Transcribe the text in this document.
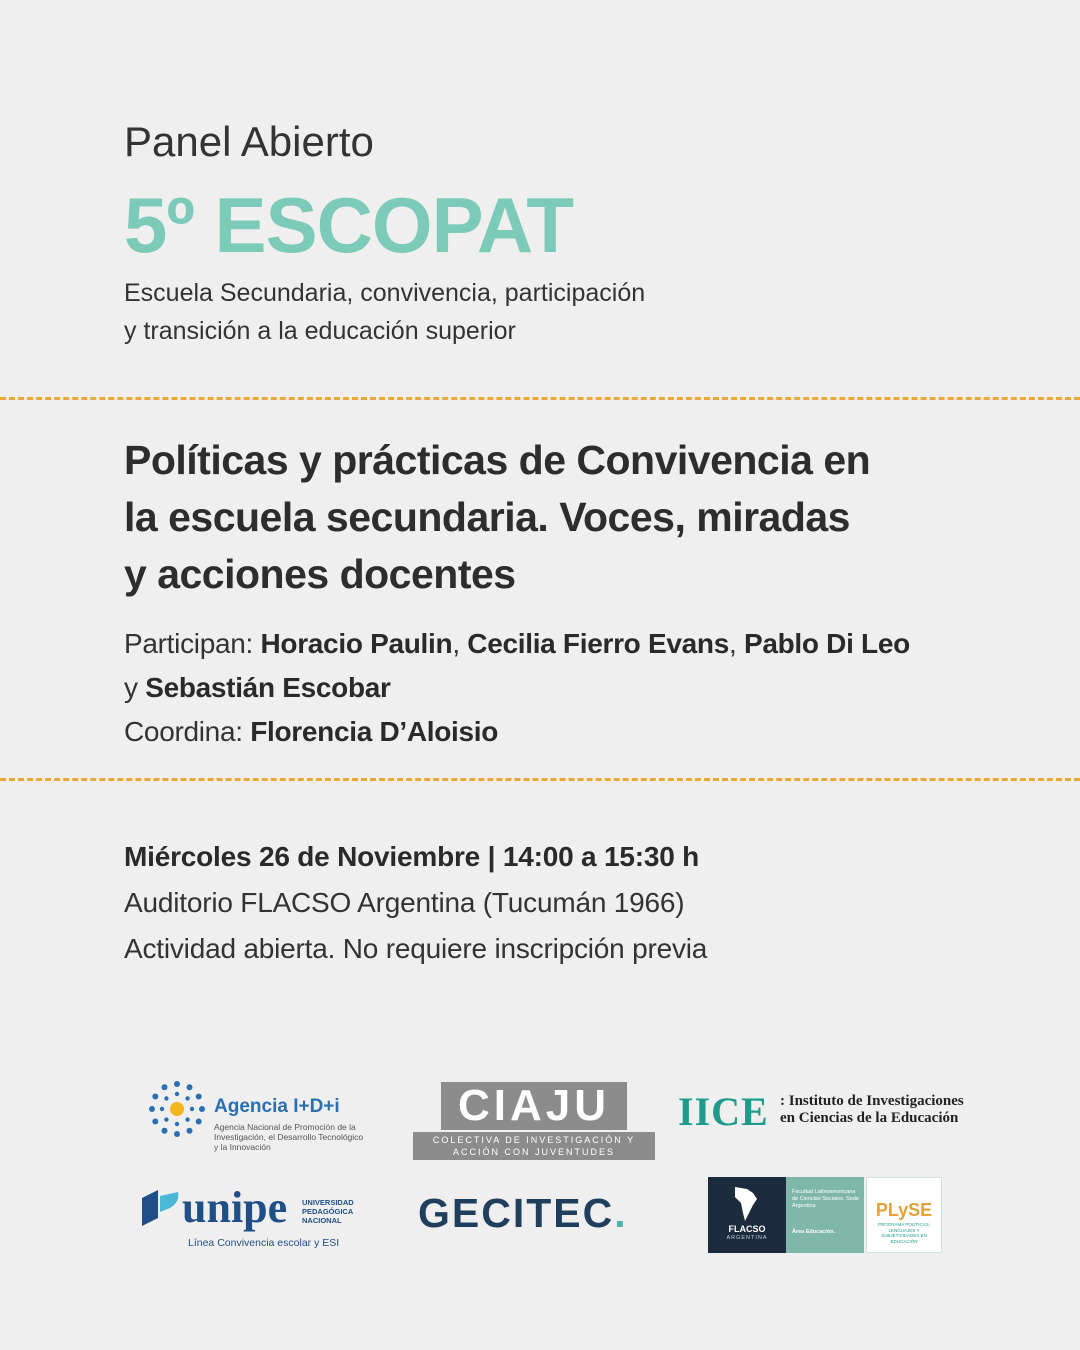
Panel Abierto
5º ESCOPAT
Escuela Secundaria, convivencia, participación
y transición a la educación superior
Políticas y prácticas de Convivencia en
la escuela secundaria. Voces, miradas
y acciones docentes
Participan: Horacio Paulin, Cecilia Fierro Evans, Pablo Di Leo
y Sebastián Escobar
Coordina: Florencia D’Aloisio
Miércoles 26 de Noviembre | 14:00 a 15:30 h
Auditorio FLACSO Argentina (Tucumán 1966)
Actividad abierta. No requiere inscripción previa
Agencia I+D+i
Agencia Nacional de Promoción de la Investigación, el Desarrollo Tecnológico y la Innovación
CIAJU
COLECTIVA DE INVESTIGACIÓN Y ACCIÓN CON JUVENTUDES
IICE : Instituto de Investigaciones
en Ciencias de la Educación
unipe UNIVERSIDAD PEDAGÓGICA NACIONAL
Línea Convivencia escolar y ESI
GECITEC.	FLACSO
ARGENTINA
Facultad Latinoamericana de Ciencias Sociales. Sede Argentina
Área Educación.
PLySE
PROGRAMA POLÍTICAS, LENGUAJES Y SUBJETIVIDADES EN EDUCACIÓN
